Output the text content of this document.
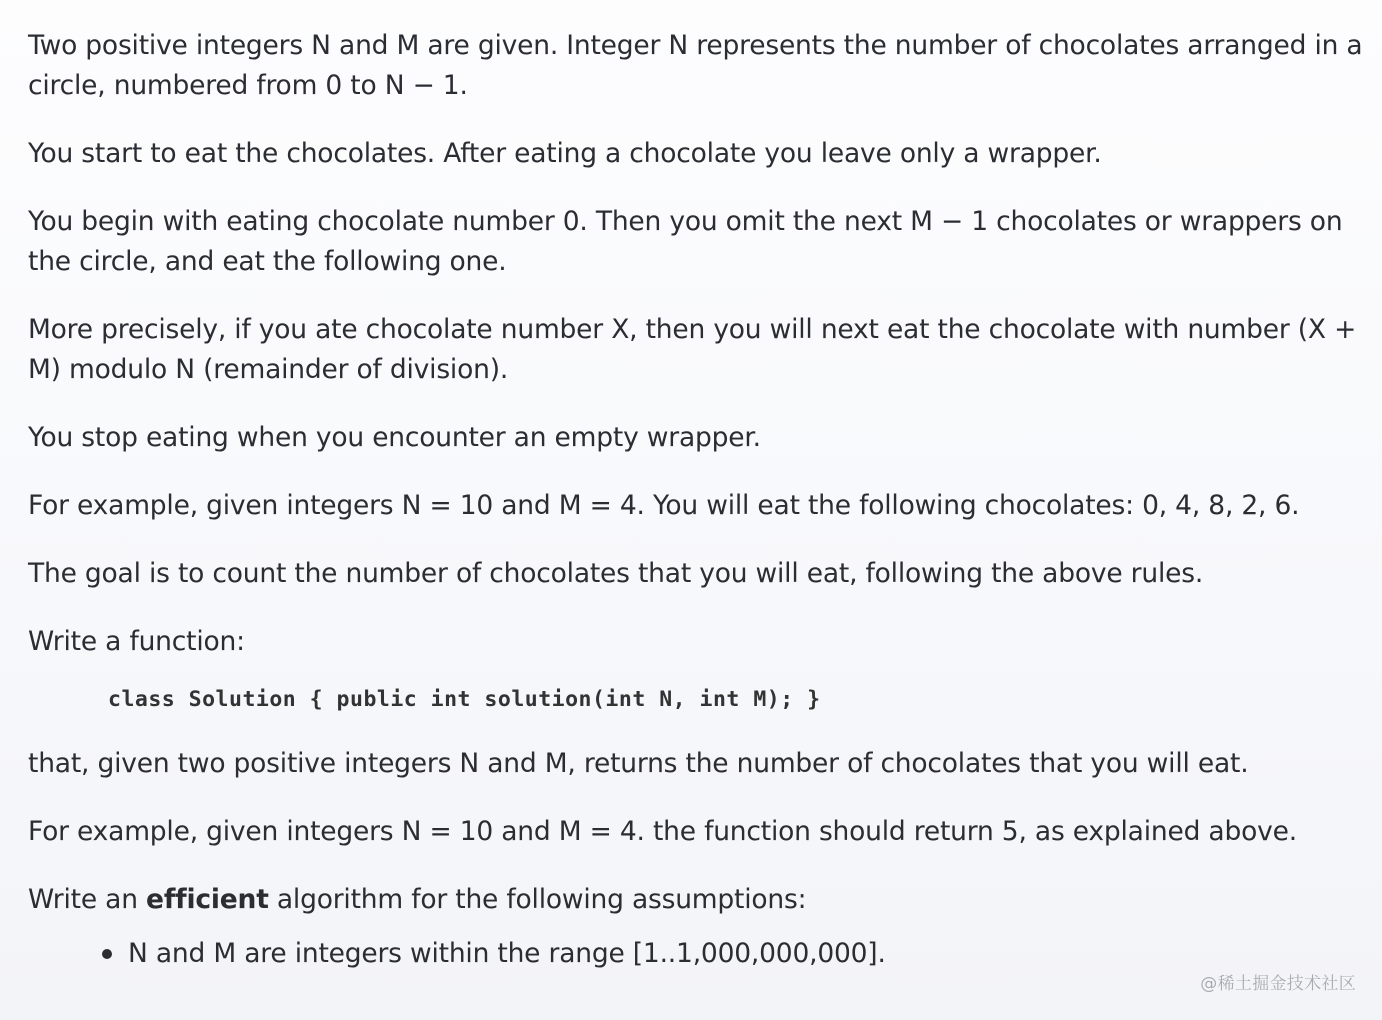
Two positive integers N and M are given. Integer N represents the number of chocolates arranged in a circle, numbered from 0 to N − 1.

You start to eat the chocolates. After eating a chocolate you leave only a wrapper.

You begin with eating chocolate number 0. Then you omit the next M − 1 chocolates or wrappers on the circle, and eat the following one.

More precisely, if you ate chocolate number X, then you will next eat the chocolate with number (X + M) modulo N (remainder of division).

You stop eating when you encounter an empty wrapper.

For example, given integers N = 10 and M = 4. You will eat the following chocolates: 0, 4, 8, 2, 6.

The goal is to count the number of chocolates that you will eat, following the above rules.

Write a function:

class Solution { public int solution(int N, int M); }

that, given two positive integers N and M, returns the number of chocolates that you will eat.

For example, given integers N = 10 and M = 4. the function should return 5, as explained above.

Write an efficient algorithm for the following assumptions:

N and M are integers within the range [1..1,000,000,000].
@稀土掘金技术社区
